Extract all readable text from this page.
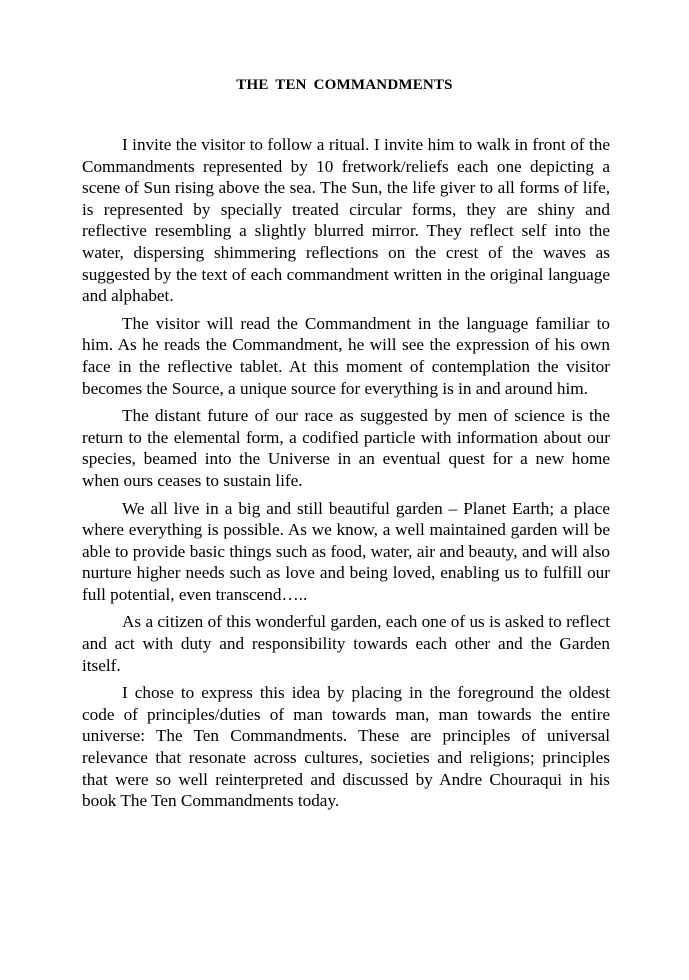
THE TEN COMMANDMENTS

I invite the visitor to follow a ritual. I invite him to walk in front of the Commandments represented by 10 fretwork/reliefs each one depicting a scene of Sun rising above the sea. The Sun, the life giver to all forms of life, is represented by specially treated circular forms, they are shiny and reflective resembling a slightly blurred mirror. They reflect self into the water, dispersing shimmering reflections on the crest of the waves as suggested by the text of each commandment written in the original language and alphabet.

The visitor will read the Commandment in the language familiar to him. As he reads the Commandment, he will see the expression of his own face in the reflective tablet. At this moment of contemplation the visitor becomes the Source, a unique source for everything is in and around him.

The distant future of our race as suggested by men of science is the return to the elemental form, a codified particle with information about our species, beamed into the Universe in an eventual quest for a new home when ours ceases to sustain life.

We all live in a big and still beautiful garden – Planet Earth; a place where everything is possible. As we know, a well maintained garden will be able to provide basic things such as food, water, air and beauty, and will also nurture higher needs such as love and being loved, enabling us to fulfill our full potential, even transcend…..

As a citizen of this wonderful garden, each one of us is asked to reflect and act with duty and responsibility towards each other and the Garden itself.

I chose to express this idea by placing in the foreground the oldest code of principles/duties of man towards man, man towards the entire universe: The Ten Commandments. These are principles of universal relevance that resonate across cultures, societies and religions; principles that were so well reinterpreted and discussed by Andre Chouraqui in his book The Ten Commandments today.
